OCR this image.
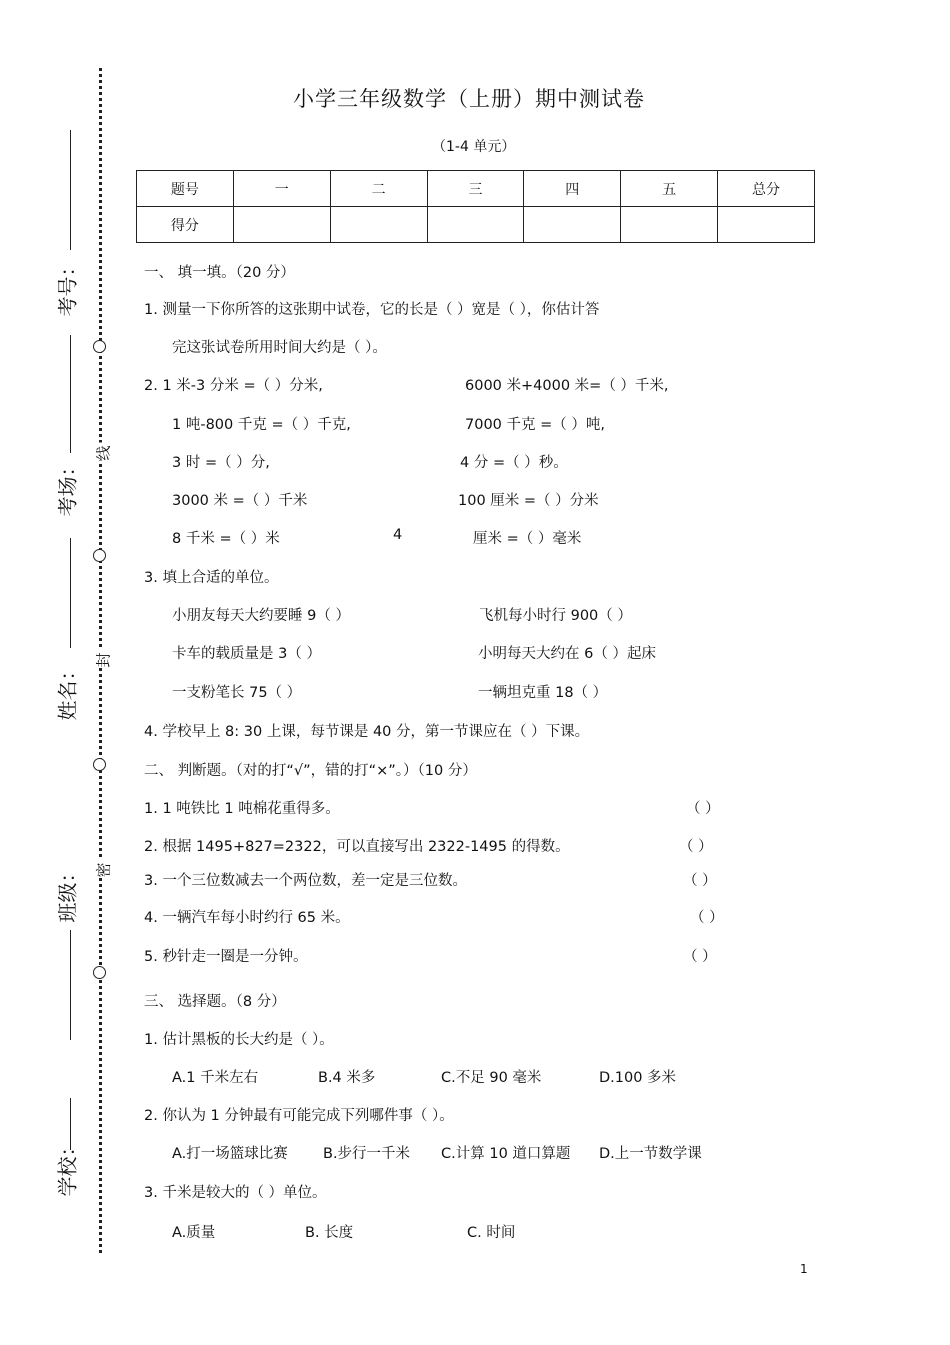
学校：
班级：
姓名：
考场：
考号：
密
封
线
小学三年级数学（上册）期中测试卷
（1-4 单元）
题号	一	二	三	四	五	总分
得分						
一、 填一填。（20 分）
1. 测量一下你所答的这张期中试卷，它的长是（ ）宽是（ ），你估计答
完这张试卷所用时间大约是（ ）。
2. 1 米-3 分米 =（ ）分米,	6000 米+4000 米=（ ）千米,
1 吨-800 千克 =（ ）千克,	7000 千克 =（ ）吨,
3 时 =（ ）分,	4 分 =（ ）秒。
3000 米 =（ ）千米	100 厘米 =（ ）分米
8 千米 =（ ）米	4	厘米 =（ ）毫米
3. 填上合适的单位。
小朋友每天大约要睡 9（ ）	飞机每小时行 900（ ）
卡车的载质量是 3（ ）	小明每天大约在 6（ ）起床
一支粉笔长 75（ ）	一辆坦克重 18（ ）
4. 学校早上 8: 30 上课，每节课是 40 分，第一节课应在（ ）下课。
二、 判断题。（对的打“√”，错的打“×”。）（10 分）
1. 1 吨铁比 1 吨棉花重得多。	（ ）
2. 根据 1495+827=2322，可以直接写出 2322-1495 的得数。	（ ）
3. 一个三位数减去一个两位数，差一定是三位数。	（ ）
4. 一辆汽车每小时约行 65 米。	（ ）
5. 秒针走一圈是一分钟。	（ ）
三、 选择题。（8 分）
1. 估计黑板的长大约是（ ）。
A.1 千米左右	B.4 米多	C.不足 90 毫米	D.100 多米
2. 你认为 1 分钟最有可能完成下列哪件事（ ）。
A.打一场篮球比赛 B.步行一千米 C.计算 10 道口算题 D.上一节数学课
3. 千米是较大的（ ）单位。
A.质量	B. 长度	C. 时间
1
